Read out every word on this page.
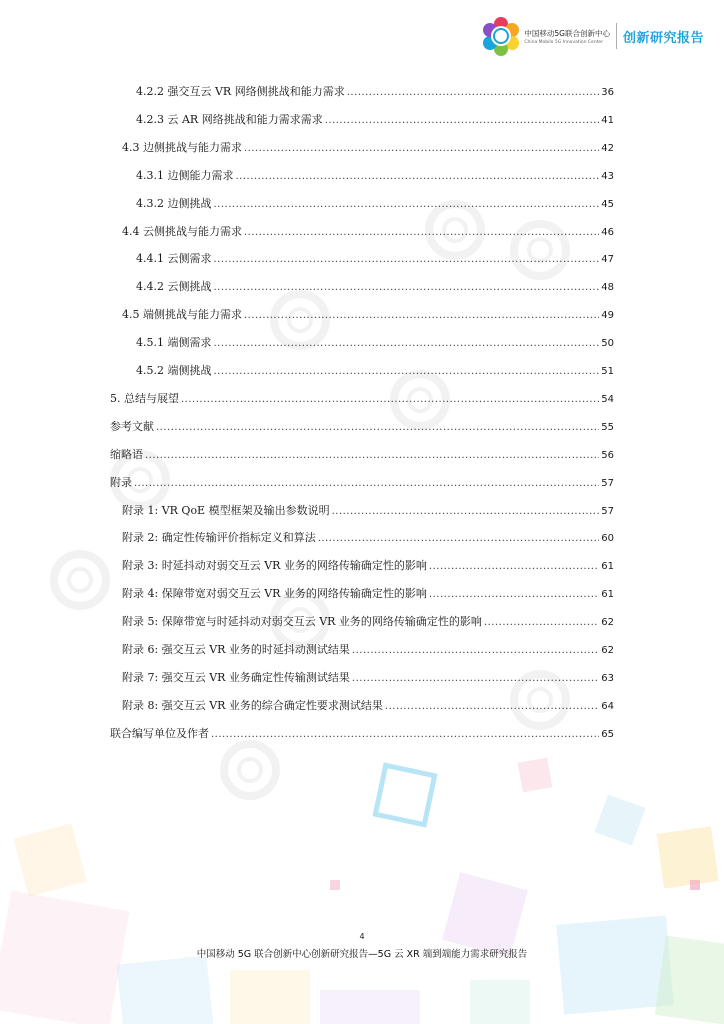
中国移动5G联合创新中心
China Mobile 5G Innovation Center	创新研究报告
4.2.2 强交互云 VR 网络侧挑战和能力需求 .....	36
4.2.3 云 AR 网络挑战和能力需求需求 .....	41
4.3 边侧挑战与能力需求 .....	42
4.3.1 边侧能力需求 .....	43
4.3.2 边侧挑战 .....	45
4.4 云侧挑战与能力需求 .....	46
4.4.1 云侧需求 .....	47
4.4.2 云侧挑战 .....	48
4.5 端侧挑战与能力需求 .....	49
4.5.1 端侧需求 .....	50
4.5.2 端侧挑战 .....	51
5. 总结与展望 .....	54
参考文献 .....	55
缩略语 .....	56
附录 .....	57
附录 1: VR QoE 模型框架及输出参数说明 .....	57
附录 2: 确定性传输评价指标定义和算法 .....	60
附录 3: 时延抖动对弱交互云 VR 业务的网络传输确定性的影响 .....	61
附录 4: 保障带宽对弱交互云 VR 业务的网络传输确定性的影响 .....	61
附录 5: 保障带宽与时延抖动对弱交互云 VR 业务的网络传输确定性的影响 .....	62
附录 6: 强交互云 VR 业务的时延抖动测试结果 .....	62
附录 7: 强交互云 VR 业务确定性传输测试结果 .....	63
附录 8: 强交互云 VR 业务的综合确定性要求测试结果 .....	64
联合编写单位及作者 .....	65
4
中国移动 5G 联合创新中心创新研究报告—5G 云 XR 端到端能力需求研究报告
